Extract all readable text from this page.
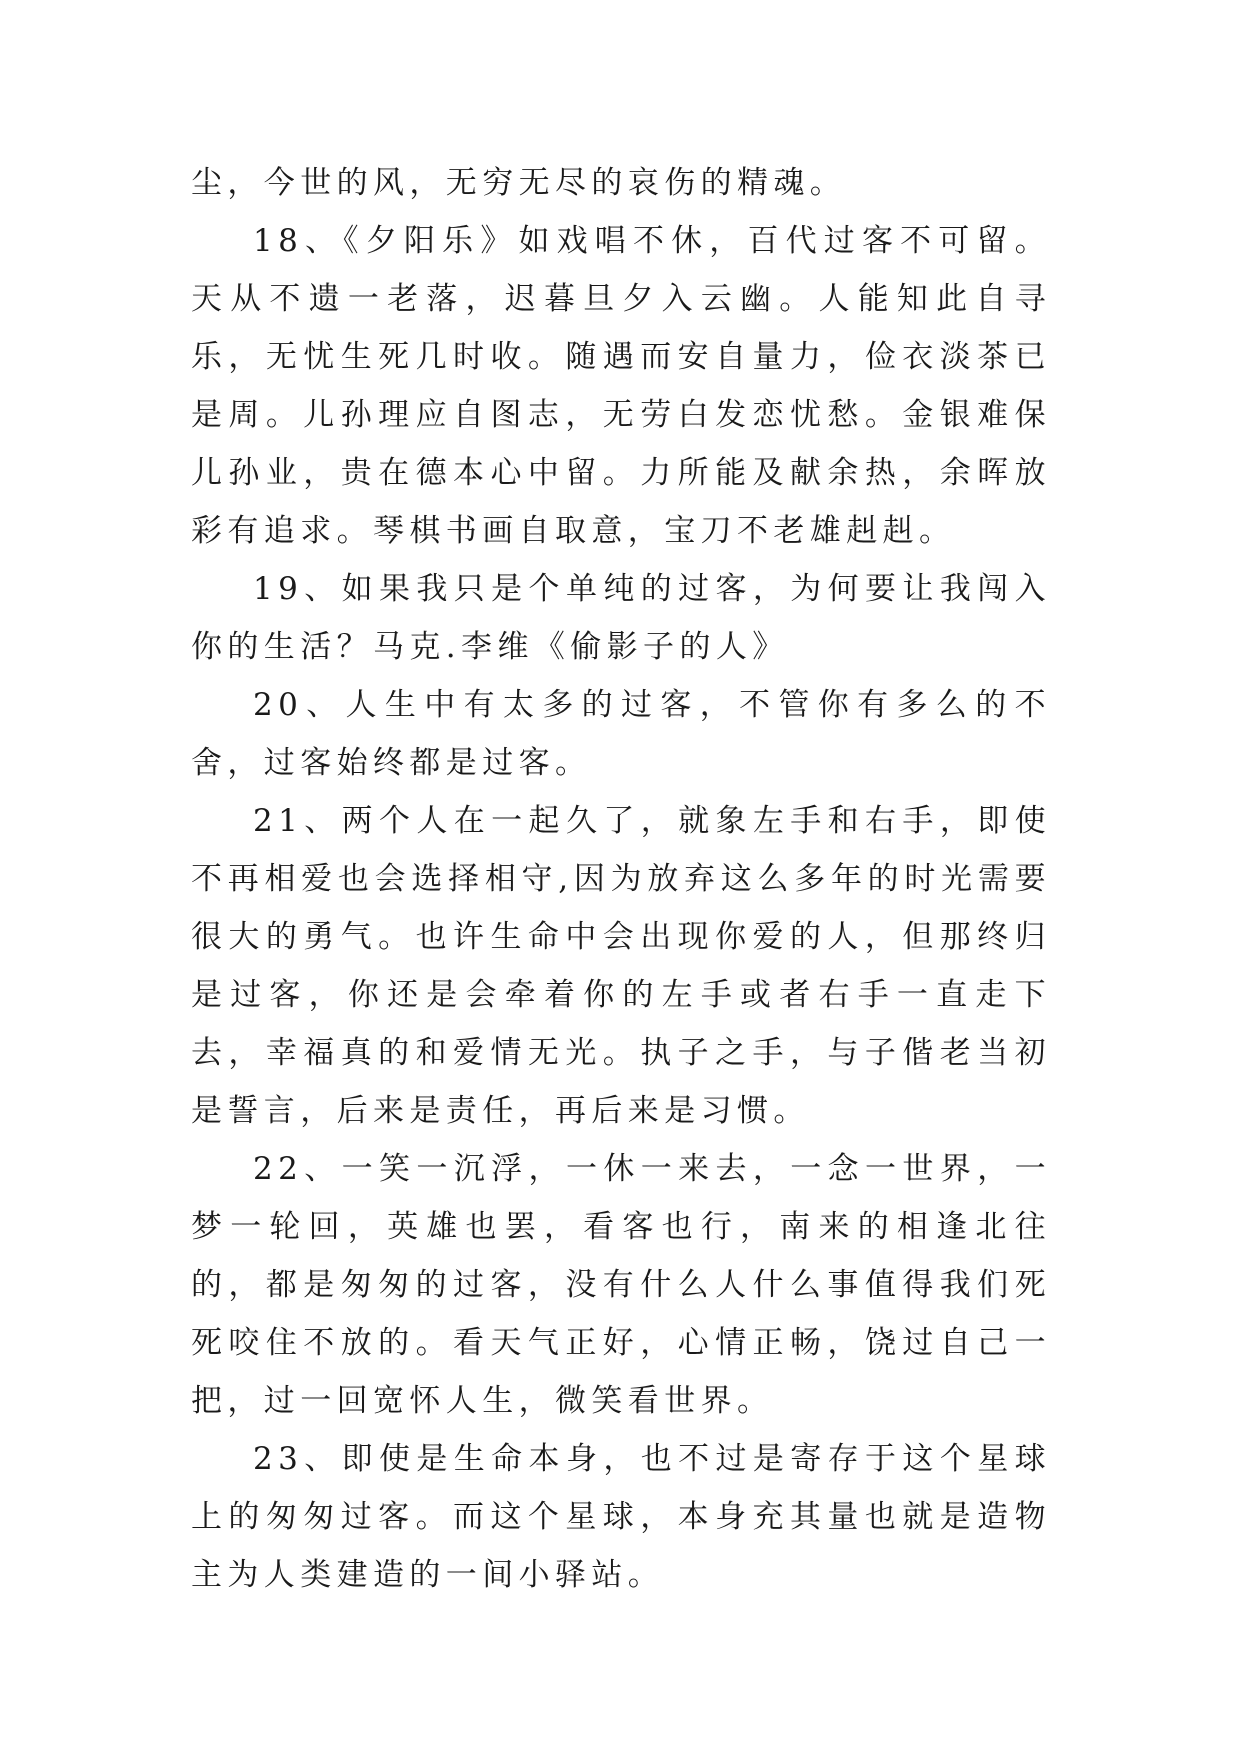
尘，今世的风，无穷无尽的哀伤的精魂。

18、《夕阳乐》如戏唱不休，百代过客不可留。天从不遗一老落，迟暮旦夕入云幽。人能知此自寻乐，无忧生死几时收。随遇而安自量力，俭衣淡茶已是周。儿孙理应自图志，无劳白发恋忧愁。金银难保儿孙业，贵在德本心中留。力所能及献余热，余晖放彩有追求。琴棋书画自取意，宝刀不老雄赳赳。

19、如果我只是个单纯的过客，为何要让我闯入你的生活？马克.李维《偷影子的人》

20、人生中有太多的过客，不管你有多么的不舍，过客始终都是过客。

21、两个人在一起久了，就象左手和右手，即使不再相爱也会选择相守,因为放弃这么多年的时光需要很大的勇气。也许生命中会出现你爱的人，但那终归是过客，你还是会牵着你的左手或者右手一直走下去，幸福真的和爱情无光。执子之手，与子偕老当初是誓言，后来是责任，再后来是习惯。

22、一笑一沉浮，一休一来去，一念一世界，一梦一轮回，英雄也罢，看客也行，南来的相逢北往的，都是匆匆的过客，没有什么人什么事值得我们死死咬住不放的。看天气正好，心情正畅，饶过自己一把，过一回宽怀人生，微笑看世界。

23、即使是生命本身，也不过是寄存于这个星球上的匆匆过客。而这个星球，本身充其量也就是造物主为人类建造的一间小驿站。
